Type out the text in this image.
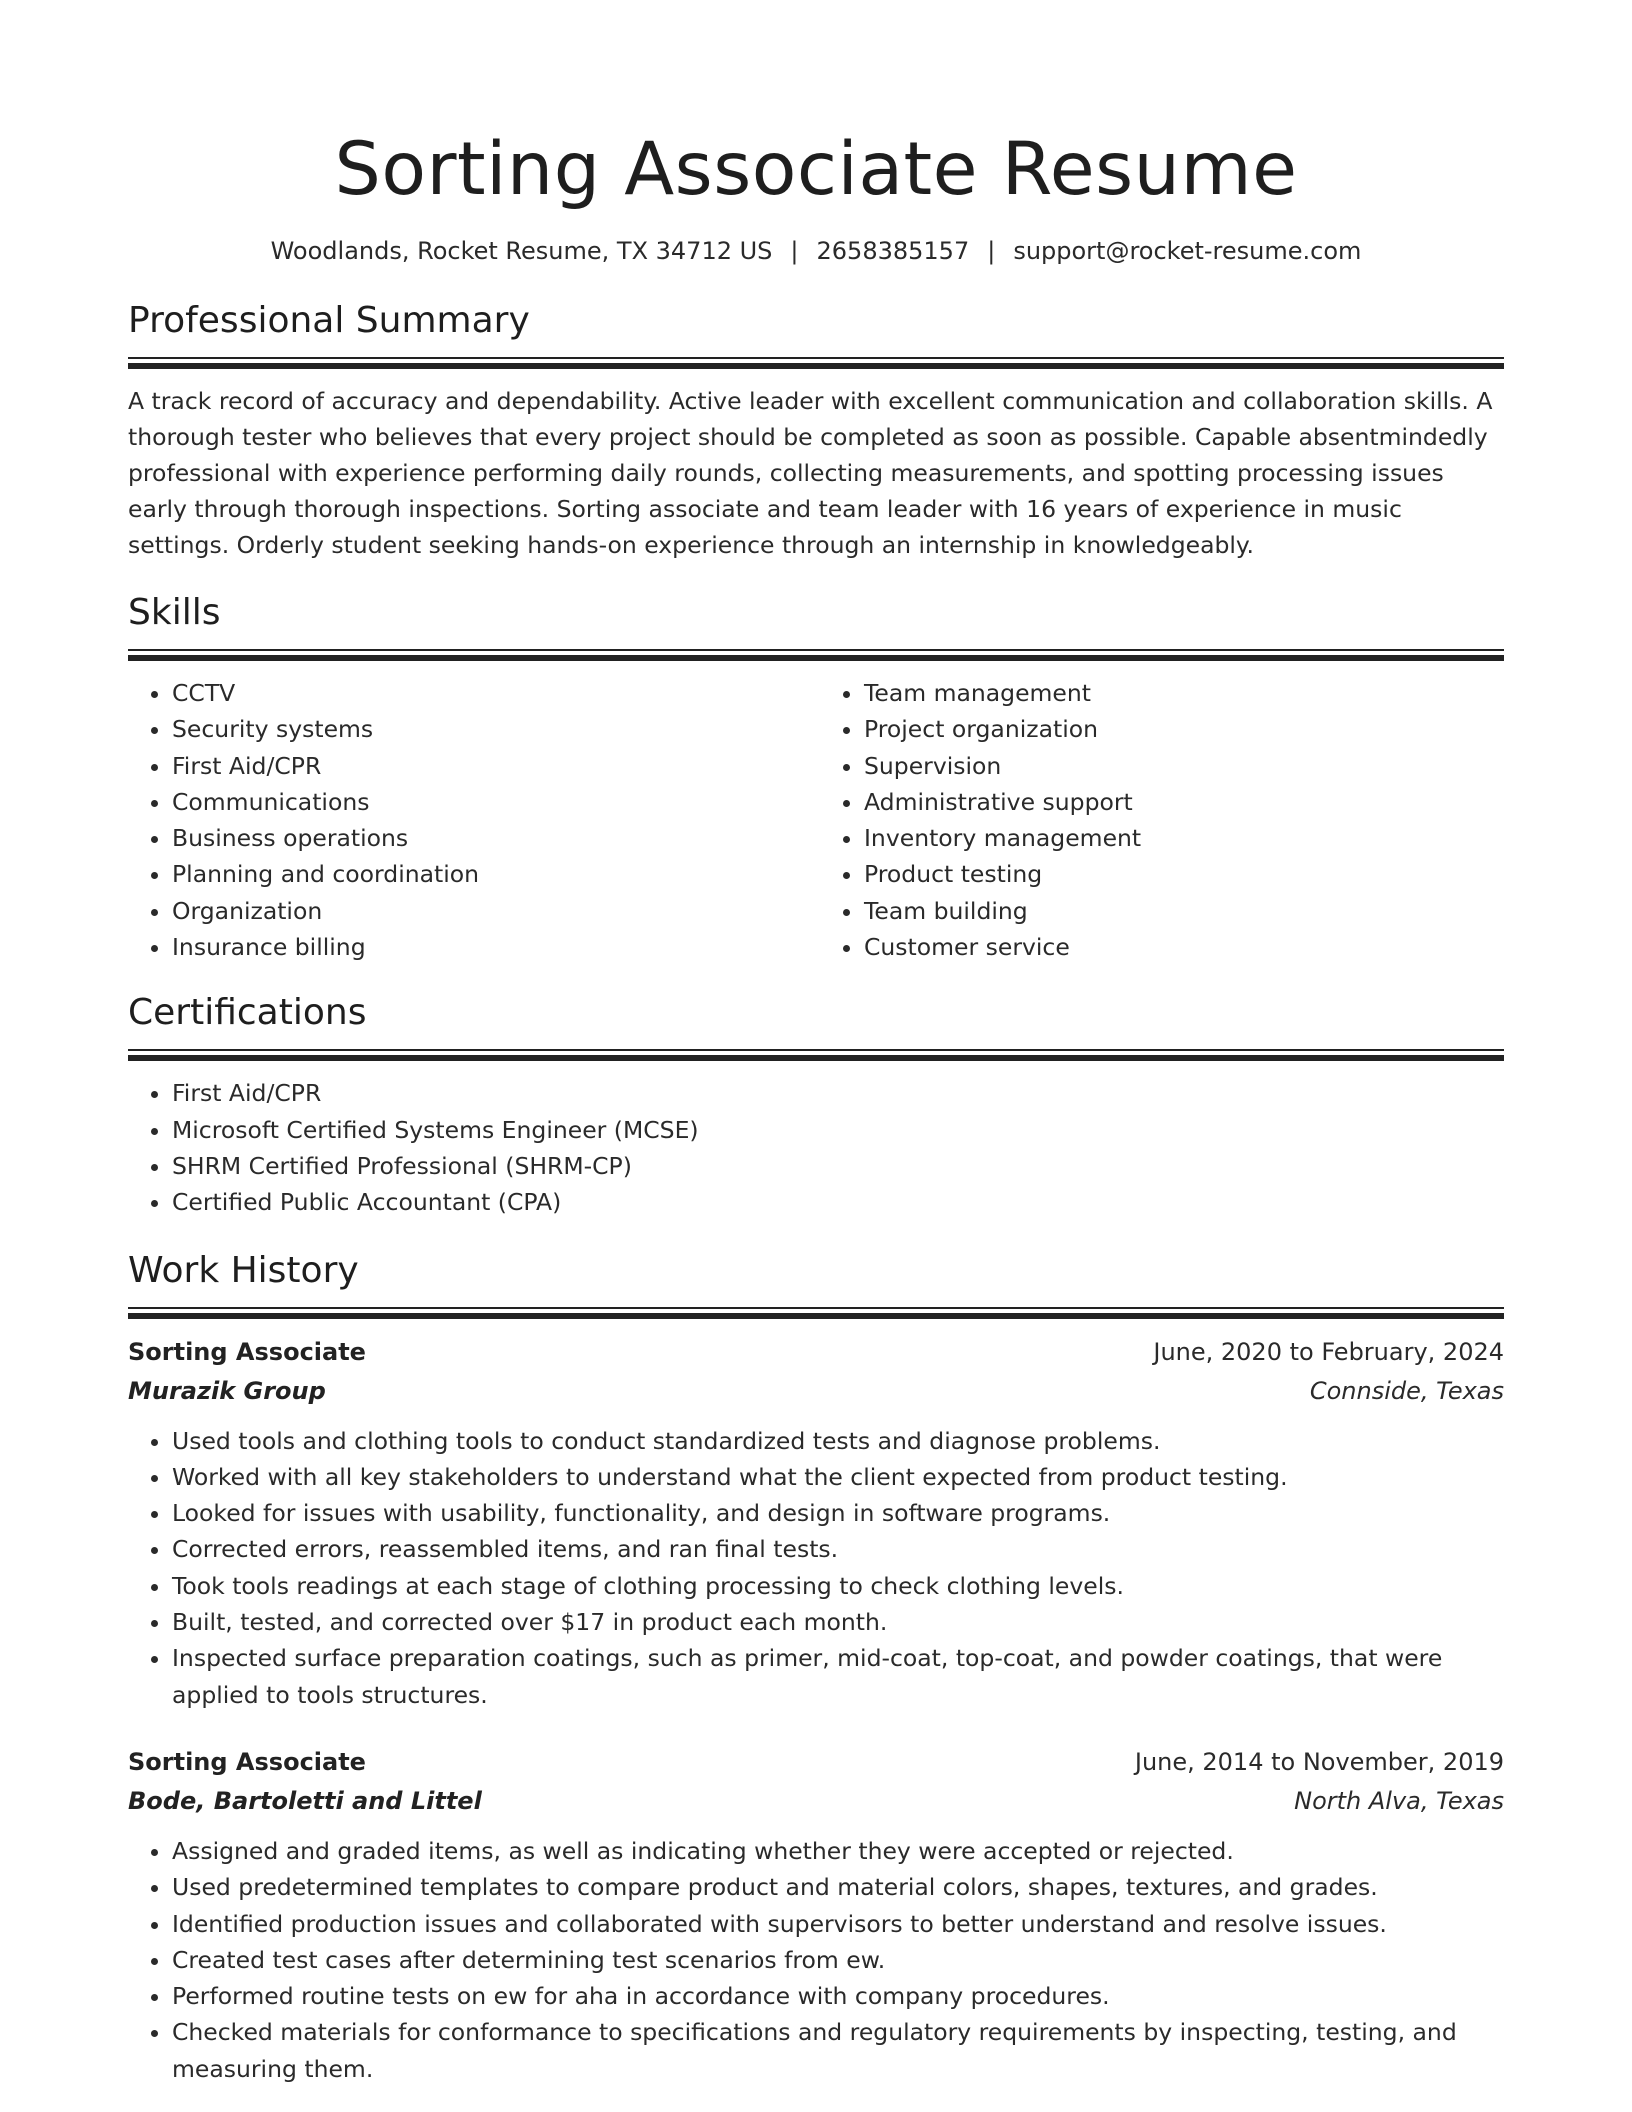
Sorting Associate Resume
Woodlands, Rocket Resume, TX 34712 US | 2658385157 | support@rocket-resume.com
Professional Summary
A track record of accuracy and dependability. Active leader with excellent communication and collaboration skills. A thorough tester who believes that every project should be completed as soon as possible. Capable absentmindedly professional with experience performing daily rounds, collecting measurements, and spotting processing issues early through thorough inspections. Sorting associate and team leader with 16 years of experience in music settings. Orderly student seeking hands-on experience through an internship in knowledgeably.
Skills
• CCTV
• Security systems
• First Aid/CPR
• Communications
• Business operations
• Planning and coordination
• Organization
• Insurance billing
• Team management
• Project organization
• Supervision
• Administrative support
• Inventory management
• Product testing
• Team building
• Customer service
Certifications
• First Aid/CPR
• Microsoft Certified Systems Engineer (MCSE)
• SHRM Certified Professional (SHRM-CP)
• Certified Public Accountant (CPA)
Work History
Sorting Associate	June, 2020 to February, 2024
Murazik Group	Connside, Texas
• Used tools and clothing tools to conduct standardized tests and diagnose problems.
• Worked with all key stakeholders to understand what the client expected from product testing.
• Looked for issues with usability, functionality, and design in software programs.
• Corrected errors, reassembled items, and ran final tests.
• Took tools readings at each stage of clothing processing to check clothing levels.
• Built, tested, and corrected over $17 in product each month.
• Inspected surface preparation coatings, such as primer, mid-coat, top-coat, and powder coatings, that were applied to tools structures.
Sorting Associate	June, 2014 to November, 2019
Bode, Bartoletti and Littel	North Alva, Texas
• Assigned and graded items, as well as indicating whether they were accepted or rejected.
• Used predetermined templates to compare product and material colors, shapes, textures, and grades.
• Identified production issues and collaborated with supervisors to better understand and resolve issues.
• Created test cases after determining test scenarios from ew.
• Performed routine tests on ew for aha in accordance with company procedures.
• Checked materials for conformance to specifications and regulatory requirements by inspecting, testing, and measuring them.
